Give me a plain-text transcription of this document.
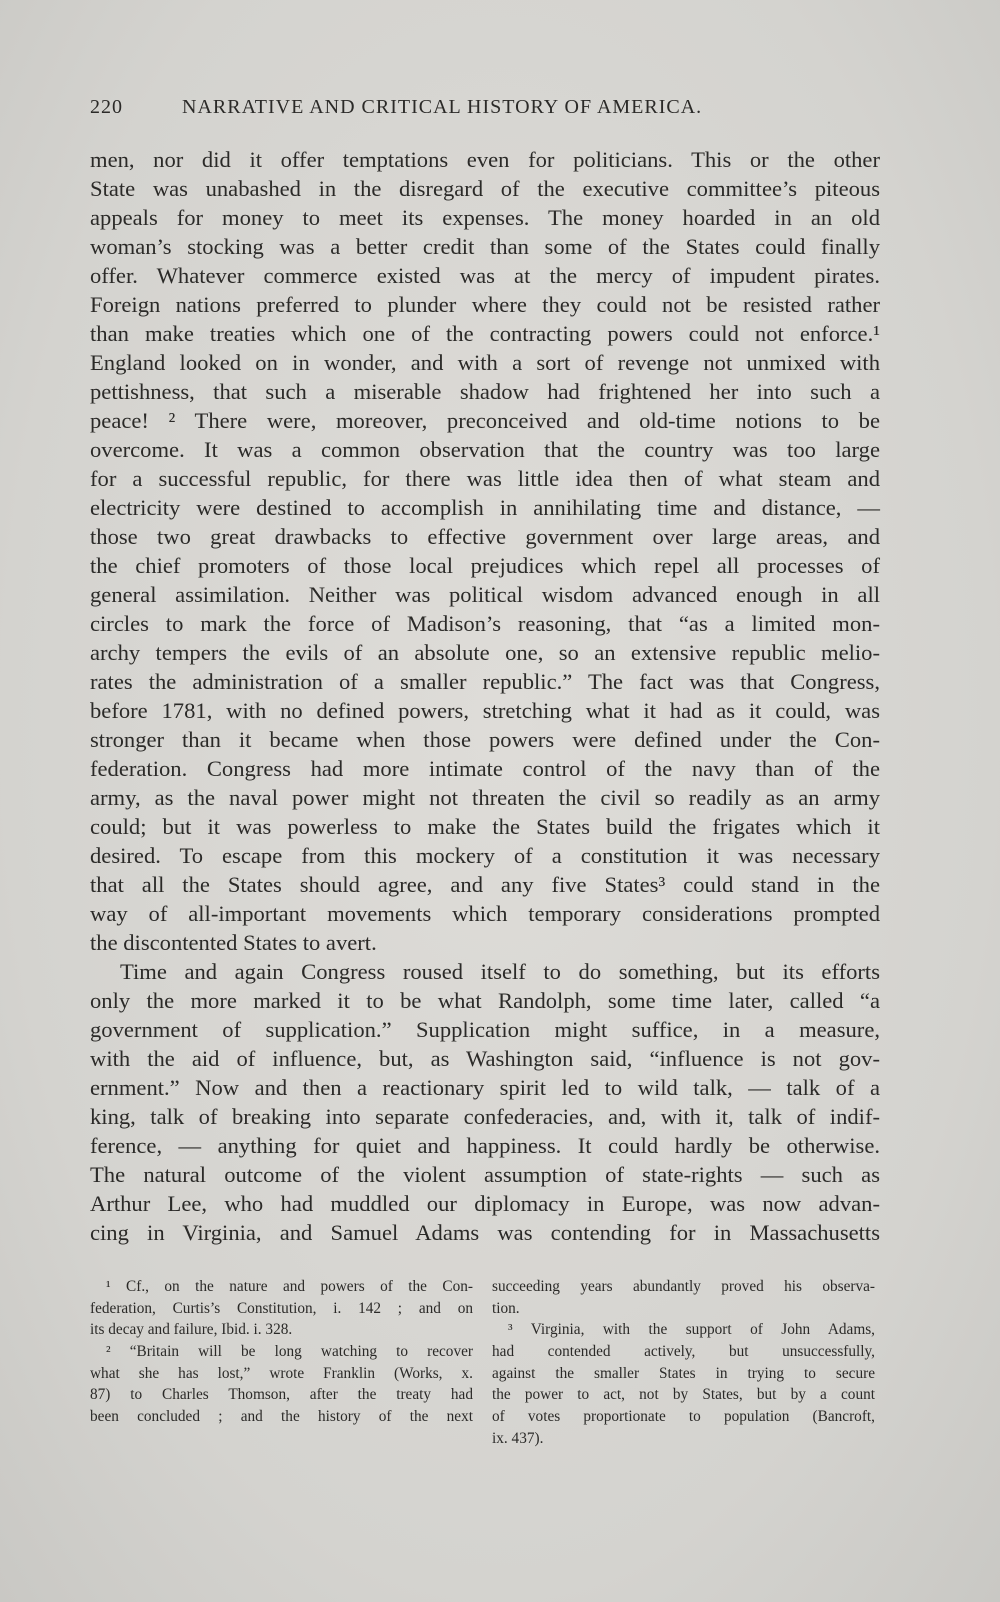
220	NARRATIVE AND CRITICAL HISTORY OF AMERICA.
men, nor did it offer temptations even for politicians. This or the other
State was unabashed in the disregard of the executive committee’s piteous
appeals for money to meet its expenses. The money hoarded in an old
woman’s stocking was a better credit than some of the States could finally
offer. Whatever commerce existed was at the mercy of impudent pirates.
Foreign nations preferred to plunder where they could not be resisted rather
than make treaties which one of the contracting powers could not enforce.¹
England looked on in wonder, and with a sort of revenge not unmixed with
pettishness, that such a miserable shadow had frightened her into such a
peace! ² There were, moreover, preconceived and old-time notions to be
overcome. It was a common observation that the country was too large
for a successful republic, for there was little idea then of what steam and
electricity were destined to accomplish in annihilating time and distance, —
those two great drawbacks to effective government over large areas, and
the chief promoters of those local prejudices which repel all processes of
general assimilation. Neither was political wisdom advanced enough in all
circles to mark the force of Madison’s reasoning, that “as a limited mon-
archy tempers the evils of an absolute one, so an extensive republic melio-
rates the administration of a smaller republic.” The fact was that Congress,
before 1781, with no defined powers, stretching what it had as it could, was
stronger than it became when those powers were defined under the Con-
federation. Congress had more intimate control of the navy than of the
army, as the naval power might not threaten the civil so readily as an army
could; but it was powerless to make the States build the frigates which it
desired. To escape from this mockery of a constitution it was necessary
that all the States should agree, and any five States³ could stand in the
way of all-important movements which temporary considerations prompted
the discontented States to avert.
Time and again Congress roused itself to do something, but its efforts
only the more marked it to be what Randolph, some time later, called “a
government of supplication.” Supplication might suffice, in a measure,
with the aid of influence, but, as Washington said, “influence is not gov-
ernment.” Now and then a reactionary spirit led to wild talk, — talk of a
king, talk of breaking into separate confederacies, and, with it, talk of indif-
ference, — anything for quiet and happiness. It could hardly be otherwise.
The natural outcome of the violent assumption of state-rights — such as
Arthur Lee, who had muddled our diplomacy in Europe, was now advan-
cing in Virginia, and Samuel Adams was contending for in Massachusetts
¹ Cf., on the nature and powers of the Con-
federation, Curtis’s Constitution, i. 142 ; and on
its decay and failure, Ibid. i. 328.
² “Britain will be long watching to recover
what she has lost,” wrote Franklin (Works, x.
87) to Charles Thomson, after the treaty had
been concluded ; and the history of the next
succeeding years abundantly proved his observa-
tion.
³ Virginia, with the support of John Adams,
had contended actively, but unsuccessfully,
against the smaller States in trying to secure
the power to act, not by States, but by a count
of votes proportionate to population (Bancroft,
ix. 437).
